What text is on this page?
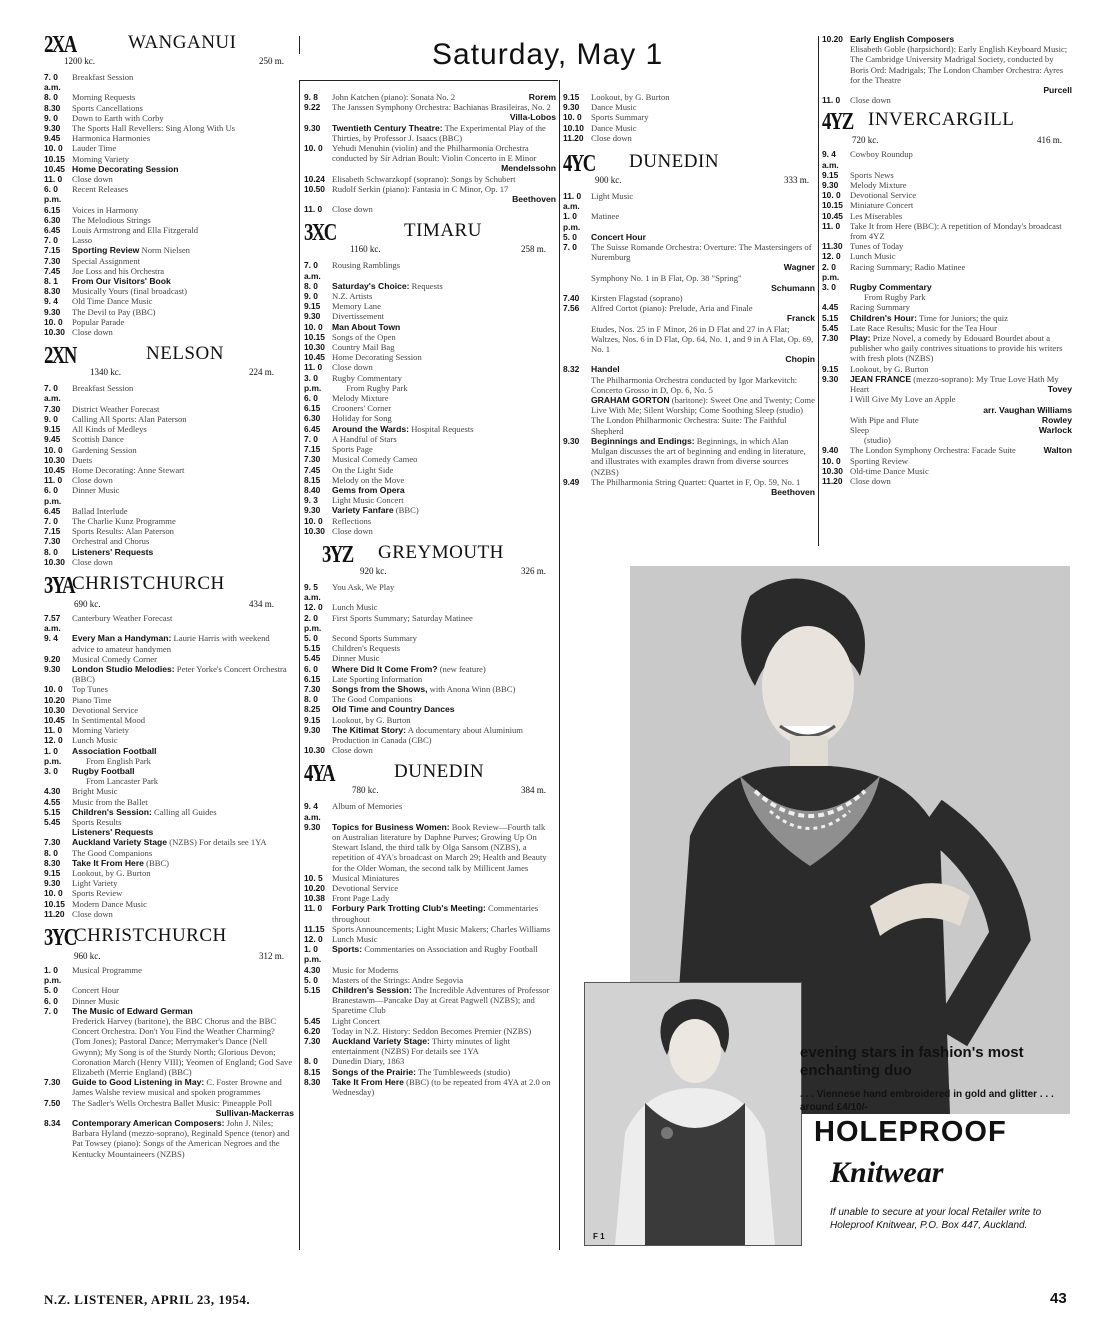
Saturday, May 1
2XA
1200 kc.
WANGANUI
250 m.
7. 0 a.m.
Breakfast Session
8. 0	Morning Requests
8.30	Sports Cancellations
9. 0	Down to Earth with Corby
9.30	The Sports Hall Revellers: Sing Along With Us
9.45	Harmonica Harmonies
10. 0	Lauder Time
10.15 Morning Variety
10.45 Home Decorating Session
11. 0	Close down
6. 0 p.m.
Recent Releases
6.15	Voices in Harmony
6.30	The Melodious Strings
6.45	Louis Armstrong and Ella Fitzgerald
7. 0	Lasso
7.15	Sporting Review Norm Nielsen
7.30	Special Assignment
7.45	Joe Loss and his Orchestra
8. 1	From Our Visitors' Book
8.30	Musically Yours (final broadcast)
9. 4	Old Time Dance Music
9.30	The Devil to Pay (BBC)
10. 0	Popular Parade
10.30 Close down
2XN
1340 kc.
NELSON
224 m.
7. 0 a.m.
Breakfast Session
7.30	District Weather Forecast
9. 0	Calling All Sports: Alan Paterson
9.15	All Kinds of Medleys
9.45	Scottish Dance
10. 0	Gardening Session
10.30 Duets
10.45 Home Decorating: Anne Stewart
11. 0	Close down
6. 0 p.m.
Dinner Music
6.45	Ballad Interlude
7. 0	The Charlie Kunz Programme
7.15	Sports Results: Alan Paterson
7.30	Orchestral and Chorus
8. 0	Listeners' Requests
10.30 Close down
3YA
CHRISTCHURCH
690 kc.	434 m.
7.57 a.m.
Canterbury Weather Forecast
9. 4	Every Man a Handyman: Laurie Harris with weekend advice to amateur handymen
9.20	Musical Comedy Corner
9.30	London Studio Melodies: Peter Yorke's Concert Orchestra (BBC)
10. 0	Top Tunes
10.20 Piano Time
10.30 Devotional Service
10.45 In Sentimental Mood
11. 0	Morning Variety
12. 0	Lunch Music
1. 0 p.m.
Association Football
From English Park
3. 0	Rugby Football
From Lancaster Park
4.30	Bright Music
4.55	Music from the Ballet
5.15	Children's Session: Calling all Guides
5.45	Sports Results
Listeners' Requests
7.30	Auckland Variety Stage (NZBS) For details see 1YA
8. 0	The Good Companions
8.30	Take It From Here (BBC)
9.15	Lookout, by G. Burton
9.30	Light Variety
10. 0	Sports Review
10.15 Modern Dance Music
11.20 Close down
3YC
CHRISTCHURCH
960 kc.	312 m.
1. 0 p.m.
Musical Programme
5. 0	Concert Hour
6. 0	Dinner Music
7. 0	The Music of Edward German
Frederick Harvey (baritone), the BBC Chorus and the BBC Concert Orchestra. Don't You Find the Weather Charming? (Tom Jones); Pastoral Dance; Merrymaker's Dance (Nell Gwynn); My Song is of the Sturdy North; Glorious Devon; Coronation March (Henry VIII); Yeomen of England; God Save Elizabeth (Merrie England) (BBC)
7.30	Guide to Good Listening in May: C. Foster Browne and James Walshe review musical and spoken programmes
7.50	The Sadler's Wells Orchestra Ballet Music: Pineapple Poll
Sullivan-Mackerras
8.34	Contemporary American Composers: John J. Niles; Barbara Hyland (mezzo-soprano), Reginald Spence (tenor) and Pat Towsey (piano): Songs of the American Negroes and the Kentucky Mountaineers (NZBS)
9. 8	John Katchen (piano): Sonata No. 2	Rorem
9.22	The Janssen Symphony Orchestra: Bachianas Brasileiras, No. 2
Villa-Lobos
9.30	Twentieth Century Theatre: The Experimental Play of the Thirties, by Professor J. Isaacs (BBC)
10. 0	Yehudi Menuhin (violin) and the Philharmonia Orchestra conducted by Sir Adrian Boult: Violin Concerto in E Minor
Mendelssohn
10.24 Elisabeth Schwarzkopf (soprano): Songs by Schubert
10.50 Rudolf Serkin (piano): Fantasia in C Minor, Op. 17
Beethoven
11. 0	Close down
3XC
1160 kc.
TIMARU
258 m.
7. 0 a.m.
Rousing Ramblings
8. 0	Saturday's Choice: Requests
9. 0	N.Z. Artists
9.15	Memory Lane
9.30	Divertissement
10. 0	Man About Town
10.15 Songs of the Open
10.30 Country Mail Bag
10.45 Home Decorating Session
11. 0	Close down
3. 0 p.m.
Rugby Commentary
From Rugby Park
6. 0	Melody Mixture
6.15	Crooners' Corner
6.30	Holiday for Song
6.45	Around the Wards: Hospital Requests
7. 0	A Handful of Stars
7.15	Sports Page
7.30	Musical Comedy Cameo
7.45	On the Light Side
8.15	Melody on the Move
8.40	Gems from Opera
9. 3	Light Music Concert
9.30	Variety Fanfare (BBC)
10. 0	Reflections
10.30 Close down
3YZ
920 kc.
GREYMOUTH
326 m.
9. 5 a.m.
You Ask, We Play
12. 0	Lunch Music
2. 0 p.m.
First Sports Summary; Saturday Matinee
5. 0	Second Sports Summary
5.15	Children's Requests
5.45	Dinner Music
6. 0	Where Did It Come From? (new feature)
6.15	Late Sporting Information
7.30	Songs from the Shows, with Anona Winn (BBC)
8. 0	The Good Companions
8.25	Old Time and Country Dances
9.15	Lookout, by G. Burton
9.30	The Kitimat Story: A documentary about Aluminium Production in Canada (CBC)
10.30 Close down
4YA
780 kc.
DUNEDIN
384 m.
9. 4 a.m.
Album of Memories
9.30	Topics for Business Women: Book Review—Fourth talk on Australian literature by Daphne Purves; Growing Up On Stewart Island, the third talk by Olga Sansom (NZBS), a repetition of 4YA's broadcast on March 29; Health and Beauty for the Older Woman, the second talk by Millicent James
10. 5	Musical Miniatures
10.20 Devotional Service
10.38 Front Page Lady
11. 0	Forbury Park Trotting Club's Meeting: Commentaries throughout
11.15 Sports Announcements; Light Music Makers; Charles Williams
12. 0	Lunch Music
1. 0 p.m.
Sports: Commentaries on Association and Rugby Football
4.30	Music for Moderns
5. 0	Masters of the Strings: Andre Segovia
5.15	Children's Session: The Incredible Adventures of Professor Branestawm—Pancake Day at Great Pagwell (NZBS); and Sparetime Club
5.45	Light Concert
6.20	Today in N.Z. History: Seddon Becomes Premier (NZBS)
7.30	Auckland Variety Stage: Thirty minutes of light entertainment (NZBS) For details see 1YA
8. 0	Dunedin Diary, 1863
8.15	Songs of the Prairie: The Tumbleweeds (studio)
8.30	Take It From Here (BBC) (to be repeated from 4YA at 2.0 on Wednesday)
9.15	Lookout, by G. Burton
9.30	Dance Music
10. 0	Sports Summary
10.10 Dance Music
11.20 Close down
4YC
900 kc.
DUNEDIN
333 m.
11. 0 a.m.
Light Music
1. 0 p.m.
Matinee
5. 0	Concert Hour
7. 0	The Suisse Romande Orchestra: Overture: The Mastersingers of Nuremburg
Wagner
Symphony No. 1 in B Flat, Op. 38 "Spring"
Schumann
7.40	Kirsten Flagstad (soprano)
7.56	Alfred Cortot (piano): Prelude, Aria and Finale
Franck
Etudes, Nos. 25 in F Minor, 26 in D Flat and 27 in A Flat; Waltzes, Nos. 6 in D Flat, Op. 64, No. 1, and 9 in A Flat, Op. 69, No. 1
Chopin
8.32	Handel
The Philharmonia Orchestra conducted by Igor Markevitch: Concerto Grosso in D, Op. 6, No. 5
GRAHAM GORTON (baritone): Sweet One and Twenty; Come Live With Me; Silent Worship; Come Soothing Sleep (studio)
The London Philharmonic Orchestra: Suite: The Faithful Shepherd
9.30	Beginnings and Endings: Beginnings, in which Alan Mulgan discusses the art of beginning and ending in literature, and illustrates with examples drawn from diverse sources (NZBS)
9.49	The Philharmonia String Quartet: Quartet in F, Op. 59, No. 1
Beethoven
10.20 Early English Composers
Elisabeth Goble (harpsichord): Early English Keyboard Music; The Cambridge University Madrigal Society, conducted by Boris Ord: Madrigals; The London Chamber Orchestra: Ayres for the Theatre
Purcell
11. 0	Close down
4YZ INVERCARGILL
720 kc.	416 m.
9. 4 a.m.
Cowboy Roundup
9.15	Sports News
9.30	Melody Mixture
10. 0	Devotional Service
10.15 Miniature Concert
10.45 Les Miserables
11. 0	Take It from Here (BBC): A repetition of Monday's broadcast from 4YZ
11.30 Tunes of Today
12. 0	Lunch Music
2. 0 p.m.
Racing Summary; Radio Matinee
3. 0	Rugby Commentary
From Rugby Park
4.45	Racing Summary
5.15	Children's Hour: Time for Juniors; the quiz
5.45	Late Race Results; Music for the Tea Hour
7.30	Play: Prize Novel, a comedy by Edouard Bourdet about a publisher who gaily contrives situations to provide his writers with fresh plots (NZBS)
9.15	Lookout, by G. Burton
9.30	JEAN FRANCE (mezzo-soprano): My True Love Hath My Heart	Tovey

I Will Give My Love an Apple
arr. Vaughan Williams
With Pipe and Flute	Rowley

Sleep	Warlock

(studio)
9.40	The London Symphony Orchestra: Facade Suite	Walton
10. 0	Sporting Review
10.30 Old-time Dance Music
11.20 Close down
F 1
evening stars in fashion's most enchanting duo
. . . Viennese hand embroidered in gold and glitter . . . around £4/10/-
HOLEPROOF
Knitwear
If unable to secure at your local Retailer write to Holeproof Knitwear, P.O. Box 447, Auckland.
N.Z. LISTENER, APRIL 23, 1954.	43
